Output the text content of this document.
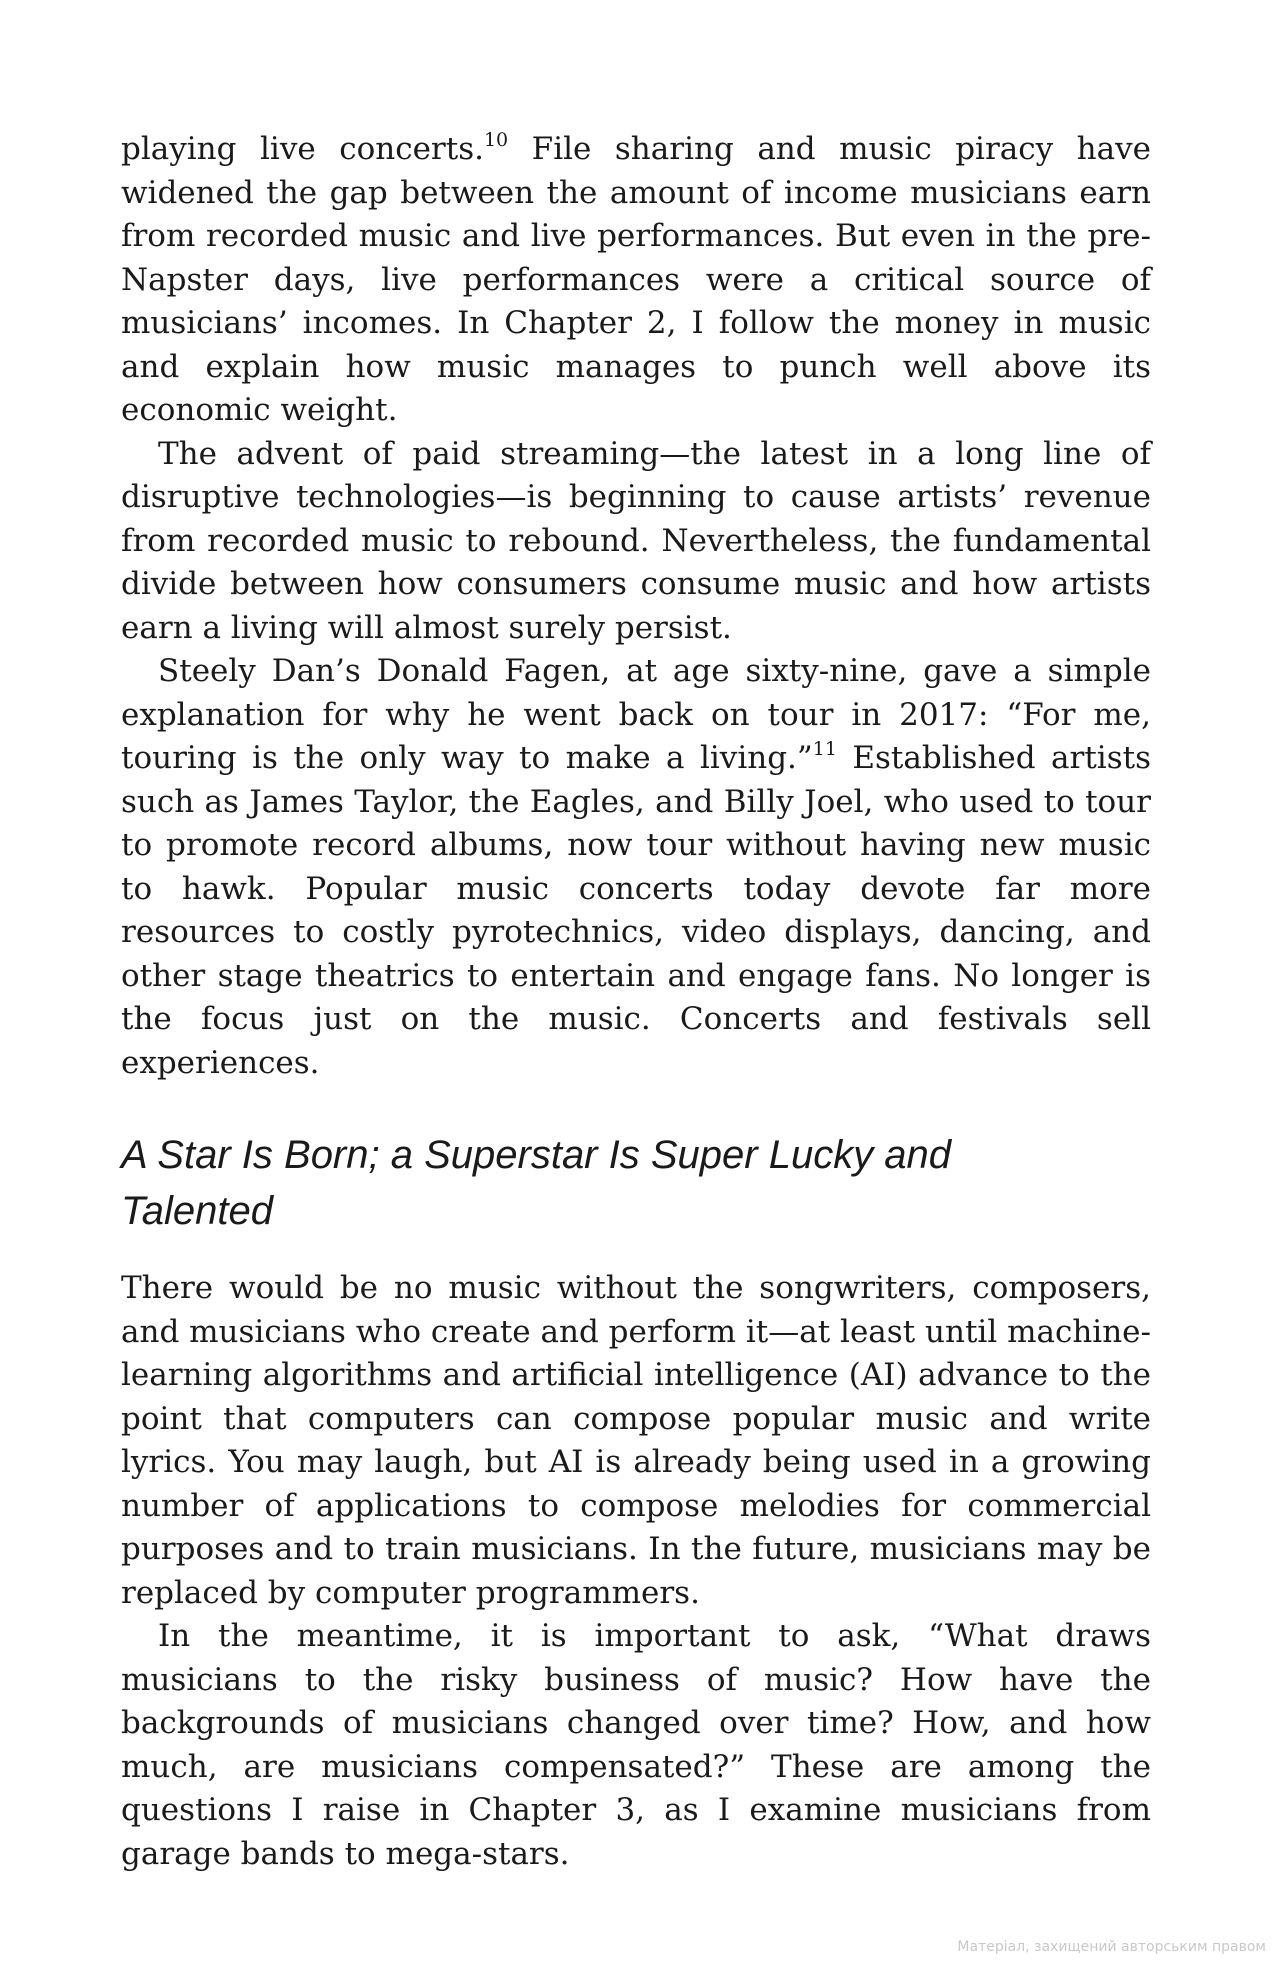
playing live concerts.$^{10}$ File sharing and music piracy have widened the gap between the amount of income musicians earn from recorded music and live performances. But even in the pre-Napster days, live performances were a critical source of musicians’ incomes. In Chapter 2, I follow the money in music and explain how music manages to punch well above its economic weight.

The advent of paid streaming—the latest in a long line of disruptive technologies—is beginning to cause artists’ revenue from recorded music to rebound. Nevertheless, the fundamental divide between how consumers consume music and how artists earn a living will almost surely persist.

Steely Dan’s Donald Fagen, at age sixty-nine, gave a simple explanation for why he went back on tour in 2017: “For me, touring is the only way to make a living.”$^{11}$ Established artists such as James Taylor, the Eagles, and Billy Joel, who used to tour to promote record albums, now tour without having new music to hawk. Popular music concerts today devote far more resources to costly pyrotechnics, video displays, dancing, and other stage theatrics to entertain and engage fans. No longer is the focus just on the music. Concerts and festivals sell experiences.

A Star Is Born; a Superstar Is Super Lucky and Talented

There would be no music without the songwriters, composers, and musicians who create and perform it—at least until machine-learning algorithms and artificial intelligence (AI) advance to the point that computers can compose popular music and write lyrics. You may laugh, but AI is already being used in a growing number of applications to compose melodies for commercial purposes and to train musicians. In the future, musicians may be replaced by computer programmers.

In the meantime, it is important to ask, “What draws musicians to the risky business of music? How have the backgrounds of musicians changed over time? How, and how much, are musicians compensated?” These are among the questions I raise in Chapter 3, as I examine musicians from garage bands to mega-stars.

Матеріал, захищений авторським правом
